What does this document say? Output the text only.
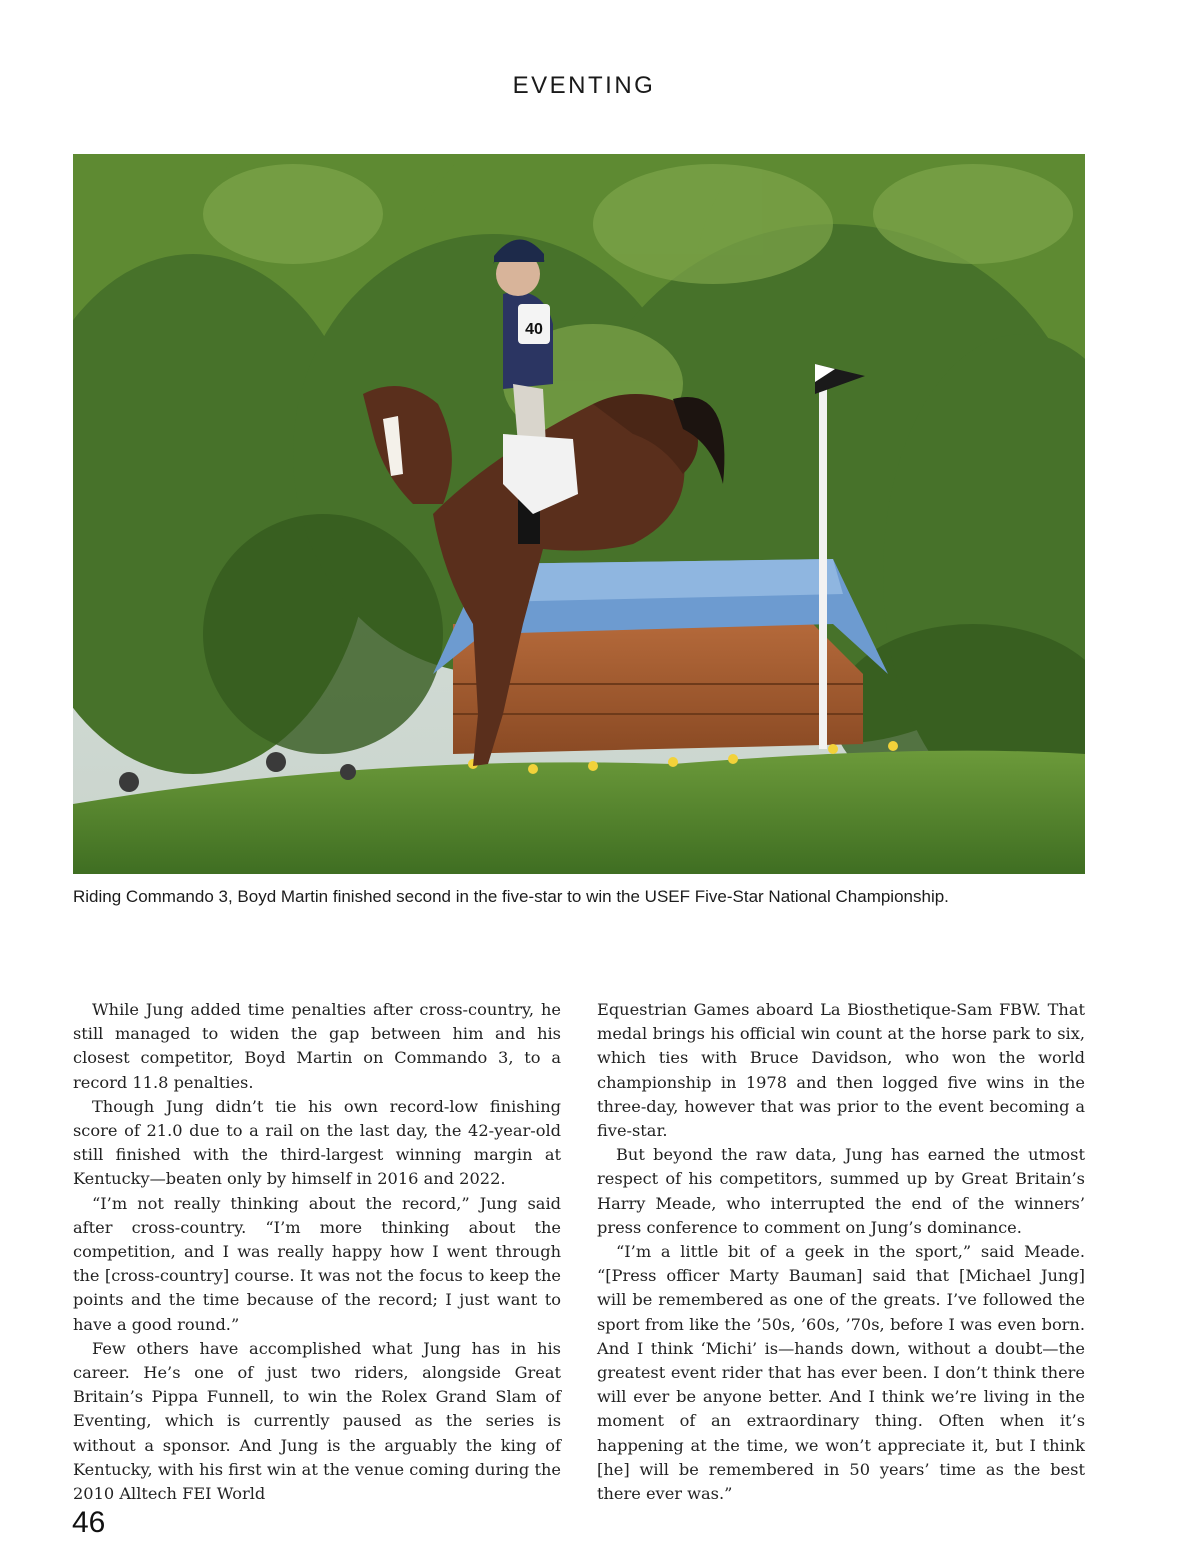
EVENTING
40
Riding Commando 3, Boyd Martin finished second in the five-star to win the USEF Five-Star National Championship.

While Jung added time penalties after cross-country, he still managed to widen the gap between him and his closest competitor, Boyd Martin on Commando 3, to a record 11.8 penalties.

Though Jung didn’t tie his own record-low finishing score of 21.0 due to a rail on the last day, the 42-year-old still finished with the third-largest winning margin at Kentucky—beaten only by himself in 2016 and 2022.

“I’m not really thinking about the record,” Jung said after cross-country. “I’m more thinking about the competition, and I was really happy how I went through the [cross-country] course. It was not the focus to keep the points and the time because of the record; I just want to have a good round.”

Few others have accomplished what Jung has in his career. He’s one of just two riders, alongside Great Britain’s Pippa Funnell, to win the Rolex Grand Slam of Eventing, which is currently paused as the series is without a sponsor. And Jung is the arguably the king of Kentucky, with his first win at the venue coming during the 2010 Alltech FEI World

Equestrian Games aboard La Biosthetique-Sam FBW. That medal brings his official win count at the horse park to six, which ties with Bruce Davidson, who won the world championship in 1978 and then logged five wins in the three-day, however that was prior to the event becoming a five-star.

But beyond the raw data, Jung has earned the utmost respect of his competitors, summed up by Great Britain’s Harry Meade, who interrupted the end of the winners’ press conference to comment on Jung’s dominance.

“I’m a little bit of a geek in the sport,” said Meade. “[Press officer Marty Bauman] said that [Michael Jung] will be remembered as one of the greats. I’ve followed the sport from like the ’50s, ’60s, ’70s, before I was even born. And I think ‘Michi’ is—hands down, without a doubt—the greatest event rider that has ever been. I don’t think there will ever be anyone better. And I think we’re living in the moment of an extraordinary thing. Often when it’s happening at the time, we won’t appreciate it, but I think [he] will be remembered in 50 years’ time as the best there ever was.”

46
